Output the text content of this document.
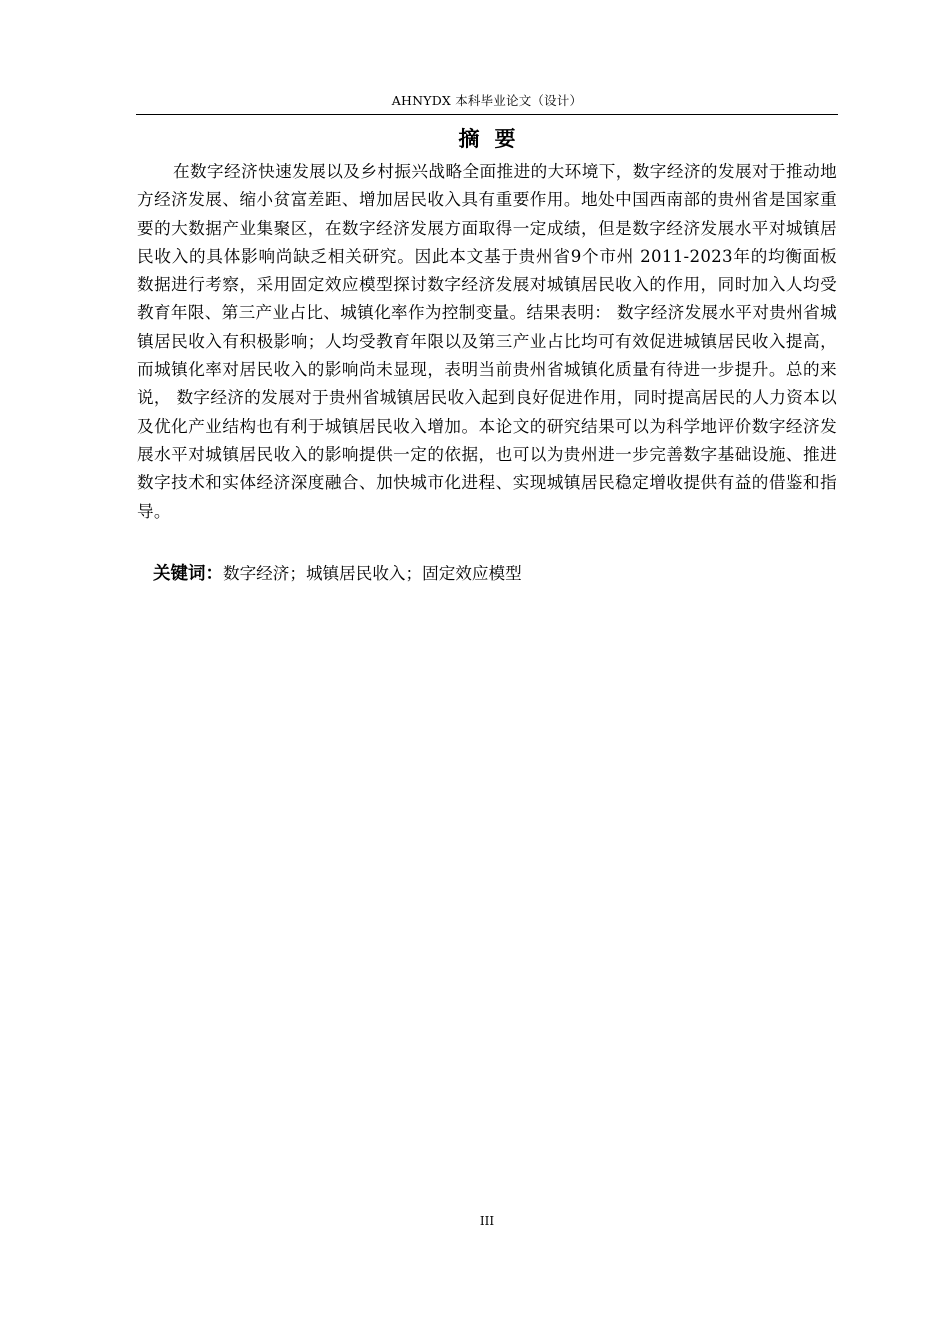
AHNYDX 本科毕业论文（设计）
摘要

在数字经济快速发展以及乡村振兴战略全面推进的大环境下，数字经济的发展对于推动地方经济发展、缩小贫富差距、增加居民收入具有重要作用。地处中国西南部的贵州省是国家重要的大数据产业集聚区，在数字经济发展方面取得一定成绩，但是数字经济发展水平对城镇居民收入的具体影响尚缺乏相关研究。因此本文基于贵州省9个市州 2011-2023年的均衡面板数据进行考察，采用固定效应模型探讨数字经济发展对城镇居民收入的作用，同时加入人均受教育年限、第三产业占比、城镇化率作为控制变量。结果表明： 数字经济发展水平对贵州省城镇居民收入有积极影响；人均受教育年限以及第三产业占比均可有效促进城镇居民收入提高，而城镇化率对居民收入的影响尚未显现，表明当前贵州省城镇化质量有待进一步提升。总的来说， 数字经济的发展对于贵州省城镇居民收入起到良好促进作用，同时提高居民的人力资本以及优化产业结构也有利于城镇居民收入增加。本论文的研究结果可以为科学地评价数字经济发展水平对城镇居民收入的影响提供一定的依据，也可以为贵州进一步完善数字基础设施、推进数字技术和实体经济深度融合、加快城市化进程、实现城镇居民稳定增收提供有益的借鉴和指导。

关键词：数字经济；城镇居民收入；固定效应模型
III
